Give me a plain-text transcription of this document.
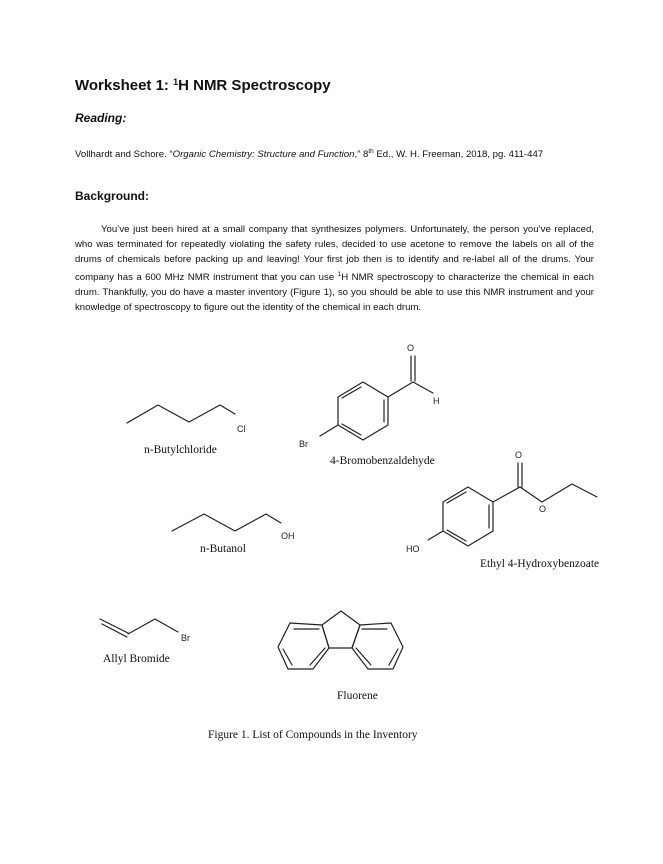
Worksheet 1: $^1$H NMR Spectroscopy
Reading:
Vollhardt and Schore. “Organic Chemistry: Structure and Function,” 8th Ed., W. H. Freeman, 2018, pg. 411-447
Background:
You’ve just been hired at a small company that synthesizes polymers. Unfortunately, the person you’ve replaced, who was terminated for repeatedly violating the safety rules, decided to use acetone to remove the labels on all of the drums of chemicals before packing up and leaving! Your first job then is to identify and re-label all of the drums. Your company has a 600 MHz NMR instrument that you can use $^1$H NMR spectroscopy to characterize the chemical in each drum. Thankfully, you do have a master inventory (Figure 1), so you should be able to use this NMR instrument and your knowledge of spectroscopy to figure out the identity of the chemical in each drum.
Cl
O
H
Br
OH
O
O
HO
Br
n-Butylchloride
4-Bromobenzaldehyde
n-Butanol
Ethyl 4-Hydroxybenzoate
Allyl Bromide
Fluorene
Figure 1. List of Compounds in the Inventory
